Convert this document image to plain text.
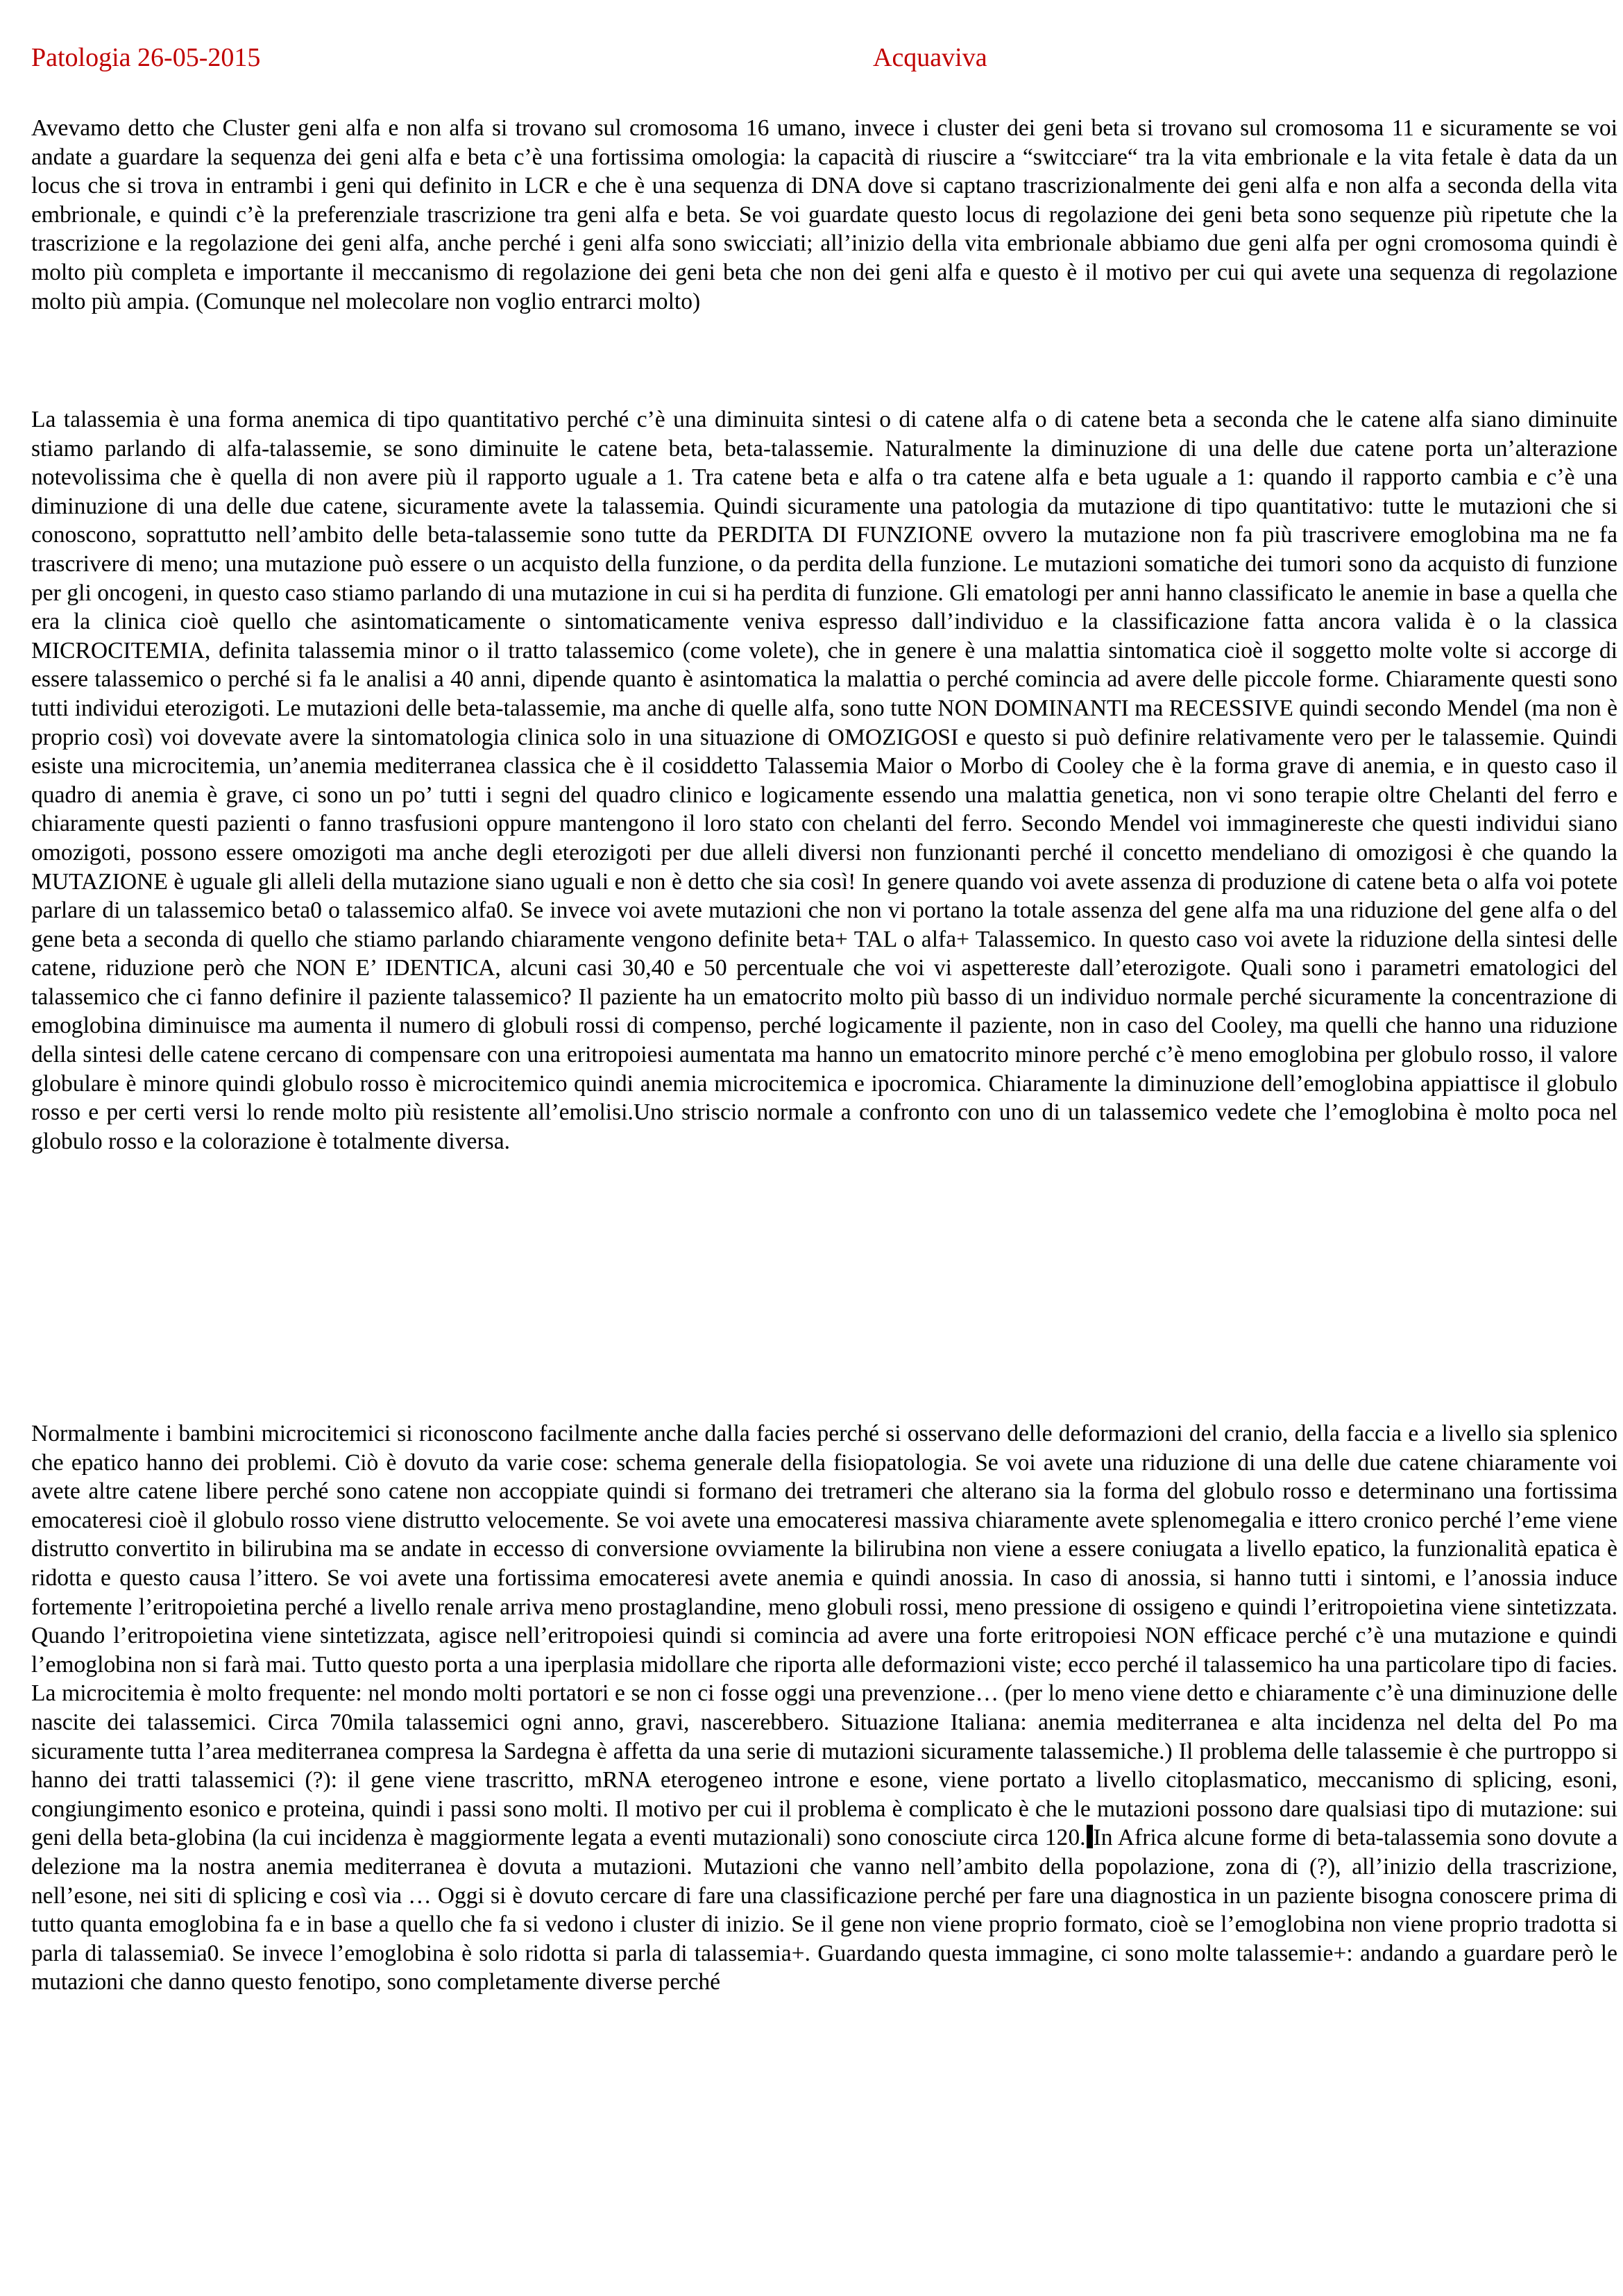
Patologia 26-05-2015	Acquaviva

Avevamo detto che Cluster geni alfa e non alfa si trovano sul cromosoma 16 umano, invece i cluster dei geni beta si trovano sul cromosoma 11 e sicuramente se voi andate a guardare la sequenza dei geni alfa e beta c’è una fortissima omologia: la capacità di riuscire a “switcciare“ tra la vita embrionale e la vita fetale è data da un locus che si trova in entrambi i geni qui definito in LCR e che è una sequenza di DNA dove si captano trascrizionalmente dei geni alfa e non alfa a seconda della vita embrionale, e quindi c’è la preferenziale trascrizione tra geni alfa e beta. Se voi guardate questo locus di regolazione dei geni beta sono sequenze più ripetute che la trascrizione e la regolazione dei geni alfa, anche perché i geni alfa sono swicciati; all’inizio della vita embrionale abbiamo due geni alfa per ogni cromosoma quindi è molto più completa e importante il meccanismo di regolazione dei geni beta che non dei geni alfa e questo è il motivo per cui qui avete una sequenza di regolazione molto più ampia. (Comunque nel molecolare non voglio entrarci molto)

La talassemia è una forma anemica di tipo quantitativo perché c’è una diminuita sintesi o di catene alfa o di catene beta a seconda che le catene alfa siano diminuite stiamo parlando di alfa-talassemie, se sono diminuite le catene beta, beta-talassemie. Naturalmente la diminuzione di una delle due catene porta un’alterazione notevolissima che è quella di non avere più il rapporto uguale a 1. Tra catene beta e alfa o tra catene alfa e beta uguale a 1: quando il rapporto cambia e c’è una diminuzione di una delle due catene, sicuramente avete la talassemia. Quindi sicuramente una patologia da mutazione di tipo quantitativo: tutte le mutazioni che si conoscono, soprattutto nell’ambito delle beta-talassemie sono tutte da PERDITA DI FUNZIONE ovvero la mutazione non fa più trascrivere emoglobina ma ne fa trascrivere di meno; una mutazione può essere o un acquisto della funzione, o da perdita della funzione. Le mutazioni somatiche dei tumori sono da acquisto di funzione per gli oncogeni, in questo caso stiamo parlando di una mutazione in cui si ha perdita di funzione. Gli ematologi per anni hanno classificato le anemie in base a quella che era la clinica cioè quello che asintomaticamente o sintomaticamente veniva espresso dall’individuo e la classificazione fatta ancora valida è o la classica MICROCITEMIA, definita talassemia minor o il tratto talassemico (come volete), che in genere è una malattia sintomatica cioè il soggetto molte volte si accorge di essere talassemico o perché si fa le analisi a 40 anni, dipende quanto è asintomatica la malattia o perché comincia ad avere delle piccole forme. Chiaramente questi sono tutti individui eterozigoti. Le mutazioni delle beta-talassemie, ma anche di quelle alfa, sono tutte NON DOMINANTI ma RECESSIVE quindi secondo Mendel (ma non è proprio così) voi dovevate avere la sintomatologia clinica solo in una situazione di OMOZIGOSI e questo si può definire relativamente vero per le talassemie. Quindi esiste una microcitemia, un’anemia mediterranea classica che è il cosiddetto Talassemia Maior o Morbo di Cooley che è la forma grave di anemia, e in questo caso il quadro di anemia è grave, ci sono un po’ tutti i segni del quadro clinico e logicamente essendo una malattia genetica, non vi sono terapie oltre Chelanti del ferro e chiaramente questi pazienti o fanno trasfusioni oppure mantengono il loro stato con chelanti del ferro. Secondo Mendel voi immaginereste che questi individui siano omozigoti, possono essere omozigoti ma anche degli eterozigoti per due alleli diversi non funzionanti perché il concetto mendeliano di omozigosi è che quando la MUTAZIONE è uguale gli alleli della mutazione siano uguali e non è detto che sia così! In genere quando voi avete assenza di produzione di catene beta o alfa voi potete parlare di un talassemico beta0 o talassemico alfa0. Se invece voi avete mutazioni che non vi portano la totale assenza del gene alfa ma una riduzione del gene alfa o del gene beta a seconda di quello che stiamo parlando chiaramente vengono definite beta+ TAL o alfa+ Talassemico. In questo caso voi avete la riduzione della sintesi delle catene, riduzione però che NON E’ IDENTICA, alcuni casi 30,40 e 50 percentuale che voi vi aspettereste dall’eterozigote. Quali sono i parametri ematologici del talassemico che ci fanno definire il paziente talassemico? Il paziente ha un ematocrito molto più basso di un individuo normale perché sicuramente la concentrazione di emoglobina diminuisce ma aumenta il numero di globuli rossi di compenso, perché logicamente il paziente, non in caso del Cooley, ma quelli che hanno una riduzione della sintesi delle catene cercano di compensare con una eritropoiesi aumentata ma hanno un ematocrito minore perché c’è meno emoglobina per globulo rosso, il valore globulare è minore quindi globulo rosso è microcitemico quindi anemia microcitemica e ipocromica. Chiaramente la diminuzione dell’emoglobina appiattisce il globulo rosso e per certi versi lo rende molto più resistente all’emolisi.Uno striscio normale a confronto con uno di un talassemico vedete che l’emoglobina è molto poca nel globulo rosso e la colorazione è totalmente diversa.

Normalmente i bambini microcitemici si riconoscono facilmente anche dalla facies perché si osservano delle deformazioni del cranio, della faccia e a livello sia splenico che epatico hanno dei problemi. Ciò è dovuto da varie cose: schema generale della fisiopatologia. Se voi avete una riduzione di una delle due catene chiaramente voi avete altre catene libere perché sono catene non accoppiate quindi si formano dei tretrameri che alterano sia la forma del globulo rosso e determinano una fortissima emocateresi cioè il globulo rosso viene distrutto velocemente. Se voi avete una emocateresi massiva chiaramente avete splenomegalia e ittero cronico perché l’eme viene distrutto convertito in bilirubina ma se andate in eccesso di conversione ovviamente la bilirubina non viene a essere coniugata a livello epatico, la funzionalità epatica è ridotta e questo causa l’ittero. Se voi avete una fortissima emocateresi avete anemia e quindi anossia. In caso di anossia, si hanno tutti i sintomi, e l’anossia induce fortemente l’eritropoietina perché a livello renale arriva meno prostaglandine, meno globuli rossi, meno pressione di ossigeno e quindi l’eritropoietina viene sintetizzata. Quando l’eritropoietina viene sintetizzata, agisce nell’eritropoiesi quindi si comincia ad avere una forte eritropoiesi NON efficace perché c’è una mutazione e quindi l’emoglobina non si farà mai. Tutto questo porta a una iperplasia midollare che riporta alle deformazioni viste; ecco perché il talassemico ha una particolare tipo di facies. La microcitemia è molto frequente: nel mondo molti portatori e se non ci fosse oggi una prevenzione… (per lo meno viene detto e chiaramente c’è una diminuzione delle nascite dei talassemici. Circa 70mila talassemici ogni anno, gravi, nascerebbero. Situazione Italiana: anemia mediterranea e alta incidenza nel delta del Po ma sicuramente tutta l’area mediterranea compresa la Sardegna è affetta da una serie di mutazioni sicuramente talassemiche.) Il problema delle talassemie è che purtroppo si hanno dei tratti talassemici (?): il gene viene trascritto, mRNA eterogeneo introne e esone, viene portato a livello citoplasmatico, meccanismo di splicing, esoni, congiungimento esonico e proteina, quindi i passi sono molti. Il motivo per cui il problema è complicato è che le mutazioni possono dare qualsiasi tipo di mutazione: sui geni della beta-globina (la cui incidenza è maggiormente legata a eventi mutazionali) sono conosciute circa 120. In Africa alcune forme di beta-talassemia sono dovute a delezione ma la nostra anemia mediterranea è dovuta a mutazioni. Mutazioni che vanno nell’ambito della popolazione, zona di (?), all’inizio della trascrizione, nell’esone, nei siti di splicing e così via … Oggi si è dovuto cercare di fare una classificazione perché per fare una diagnostica in un paziente bisogna conoscere prima di tutto quanta emoglobina fa e in base a quello che fa si vedono i cluster di inizio. Se il gene non viene proprio formato, cioè se l’emoglobina non viene proprio tradotta si parla di talassemia0. Se invece l’emoglobina è solo ridotta si parla di talassemia+. Guardando questa immagine, ci sono molte talassemie+: andando a guardare però le mutazioni che danno questo fenotipo, sono completamente diverse perché
